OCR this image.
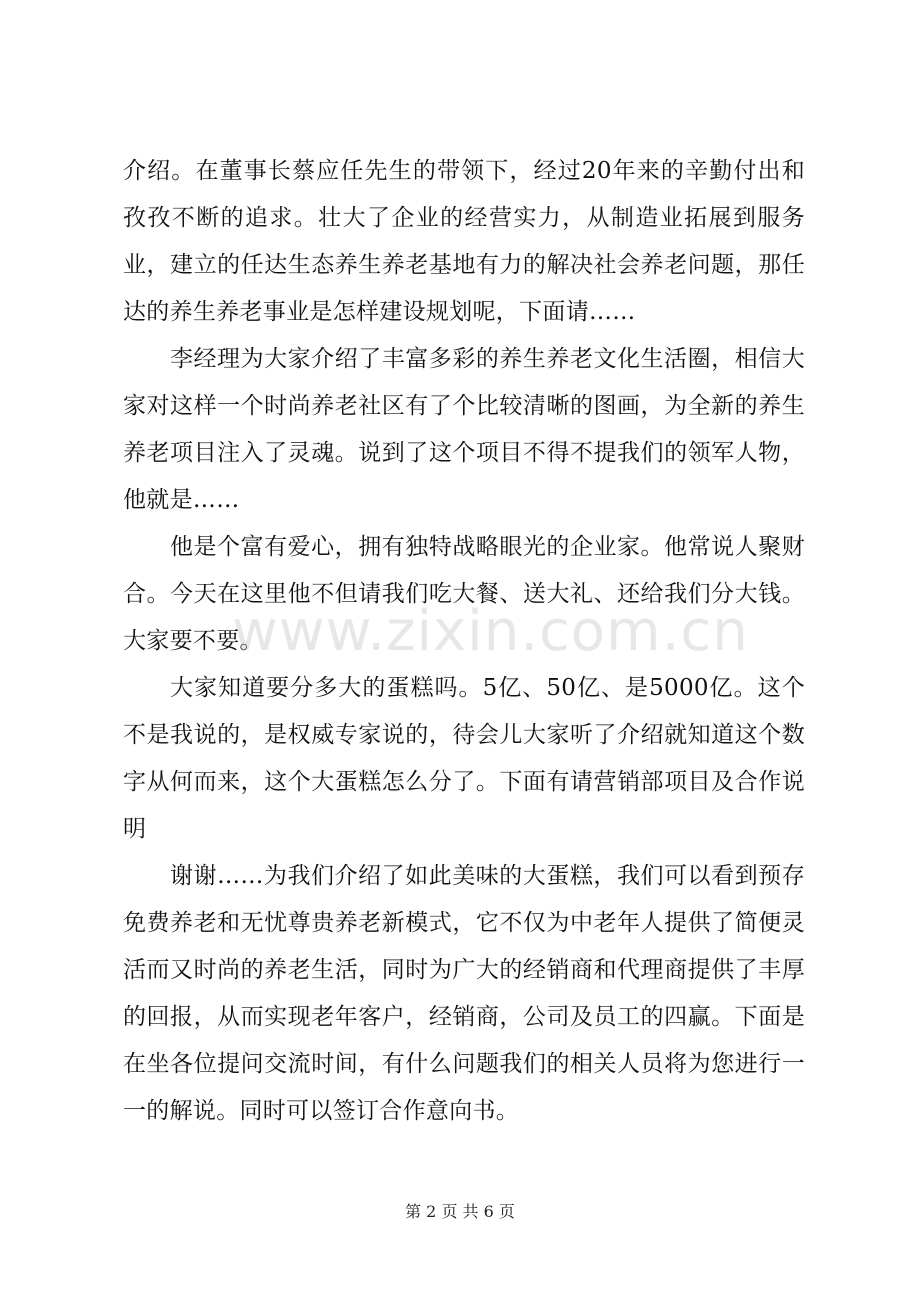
介绍。在董事长蔡应任先生的带领下，经过20年来的辛勤付出和孜孜不断的追求。壮大了企业的经营实力，从制造业拓展到服务业，建立的任达生态养生养老基地有力的解决社会养老问题，那任达的养生养老事业是怎样建设规划呢，下面请……

李经理为大家介绍了丰富多彩的养生养老文化生活圈，相信大家对这样一个时尚养老社区有了个比较清晰的图画，为全新的养生养老项目注入了灵魂。说到了这个项目不得不提我们的领军人物，他就是……

他是个富有爱心，拥有独特战略眼光的企业家。他常说人聚财合。今天在这里他不但请我们吃大餐、送大礼、还给我们分大钱。大家要不要。

大家知道要分多大的蛋糕吗。5亿、50亿、是5000亿。这个不是我说的，是权威专家说的，待会儿大家听了介绍就知道这个数字从何而来，这个大蛋糕怎么分了。下面有请营销部项目及合作说明

谢谢……为我们介绍了如此美味的大蛋糕，我们可以看到预存免费养老和无忧尊贵养老新模式，它不仅为中老年人提供了简便灵活而又时尚的养老生活，同时为广大的经销商和代理商提供了丰厚的回报，从而实现老年客户，经销商，公司及员工的四赢。下面是在坐各位提问交流时间，有什么问题我们的相关人员将为您进行一一的解说。同时可以签订合作意向书。

www.zixin.com.cn
第 2 页 共 6 页
